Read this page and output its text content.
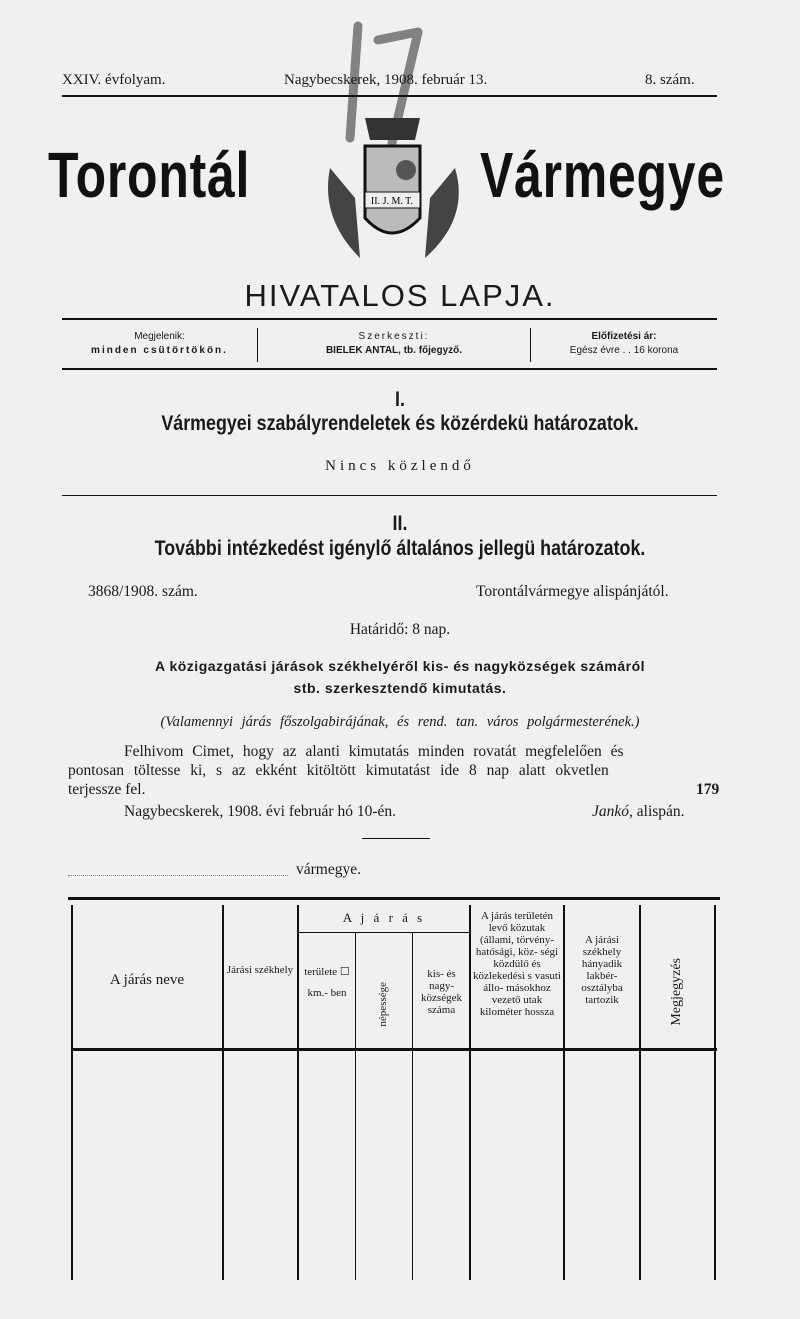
XXIV. évfolyam.	Nagybecskerek, 1908. február 13.	8. szám.
Torontál	Vármegye
II. J. M. T.
HIVATALOS LAPJA.
Megjelenik:
minden csütörtökön.
Szerkeszti:
BIELEK ANTAL, tb. főjegyző.
Előfizetési ár:
Egész évre . . 16 korona
I.
Vármegyei szabályrendeletek és közérdekü határozatok.
Nincs közlendő
II.
További intézkedést igénylő általános jellegü határozatok.
3868/1908. szám.	Torontálvármegye alispánjától.
Határidő: 8 nap.
A közigazgatási járások székhelyéről kis- és nagyközségek számáról
stb. szerkesztendő kimutatás.
(Valamennyi járás főszolgabirájának, és rend. tan. város polgármesterének.)
Felhivom Cimet, hogy az alanti kimutatás minden rovatát megfelelően és
pontosan töltesse ki, s az ekként kitöltött kimutatást ide 8 nap alatt okvetlen
terjessze fel.	179
Nagybecskerek, 1908. évi február hó 10-én.	Jankó, alispán.
vármegye.
A járás neve
Járási székhely
A j á r á s
területe ☐ km.- ben	népessége
kis- és nagy- községek száma
A járás területén levő közutak (állami, törvény- hatósági, köz- ségi közdülő és közlekedési s vasuti állo- másokhoz vezető utak kilométer hossza
A járási székhely hányadik lakbér- osztályba tartozik	Megjegyzés
